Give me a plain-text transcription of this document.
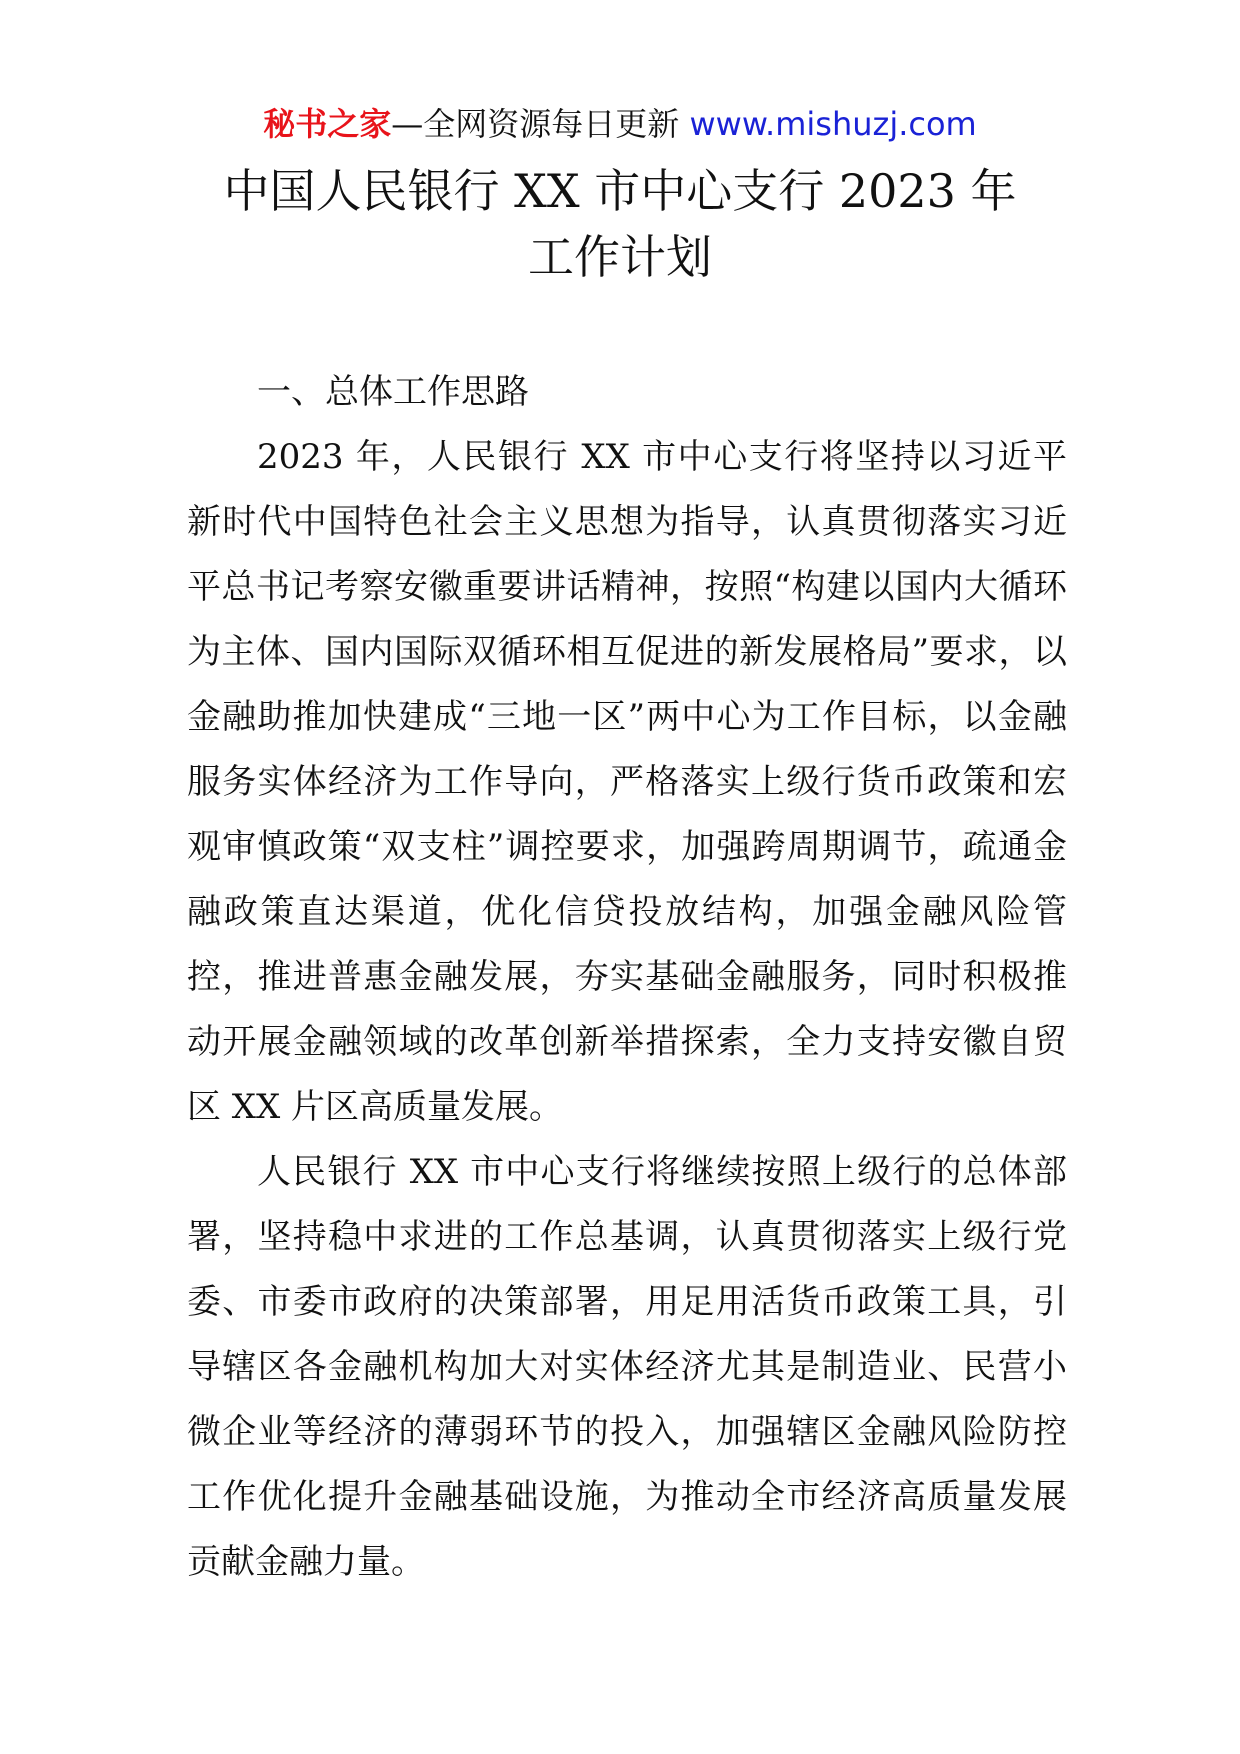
秘书之家—全网资源每日更新 www.mishuzj.com
中国人民银行 XX 市中心支行 2023 年
工作计划
一、总体工作思路

2023 年，人民银行 XX 市中心支行将坚持以习近平新时代中国特色社会主义思想为指导，认真贯彻落实习近平总书记考察安徽重要讲话精神，按照“构建以国内大循环为主体、国内国际双循环相互促进的新发展格局”要求，以金融助推加快建成“三地一区”两中心为工作目标，以金融服务实体经济为工作导向，严格落实上级行货币政策和宏观审慎政策“双支柱”调控要求，加强跨周期调节，疏通金融政策直达渠道，优化信贷投放结构，加强金融风险管控，推进普惠金融发展，夯实基础金融服务，同时积极推动开展金融领域的改革创新举措探索，全力支持安徽自贸区 XX 片区高质量发展。

人民银行 XX 市中心支行将继续按照上级行的总体部署，坚持稳中求进的工作总基调，认真贯彻落实上级行党委、市委市政府的决策部署，用足用活货币政策工具，引导辖区各金融机构加大对实体经济尤其是制造业、民营小微企业等经济的薄弱环节的投入，加强辖区金融风险防控工作优化提升金融基础设施，为推动全市经济高质量发展贡献金融力量。
